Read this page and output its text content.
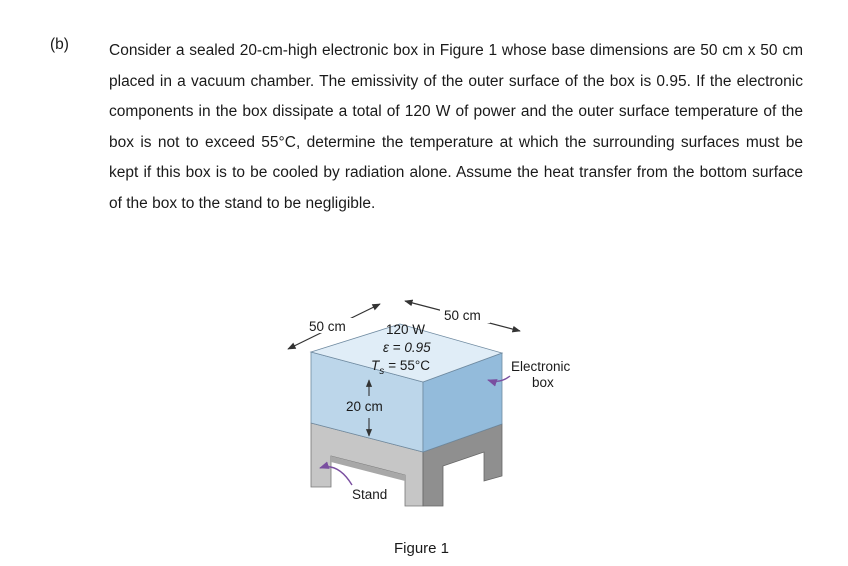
(b)	Consider a sealed 20-cm-high electronic box in Figure 1 whose base dimensions are 50 cm x 50 cm placed in a vacuum chamber. The emissivity of the outer surface of the box is 0.95. If the electronic components in the box dissipate a total of 120 W of power and the outer surface temperature of the box is not to exceed 55°C, determine the temperature at which the surrounding surfaces must be kept if this box is to be cooled by radiation alone. Assume the heat transfer from the bottom surface of the box to the stand to be negligible.

50 cm
50 cm
120 W
ε = 0.95
$T_s = 55^\circ C$
20 cm
Electronic
box
Stand
Figure 1
